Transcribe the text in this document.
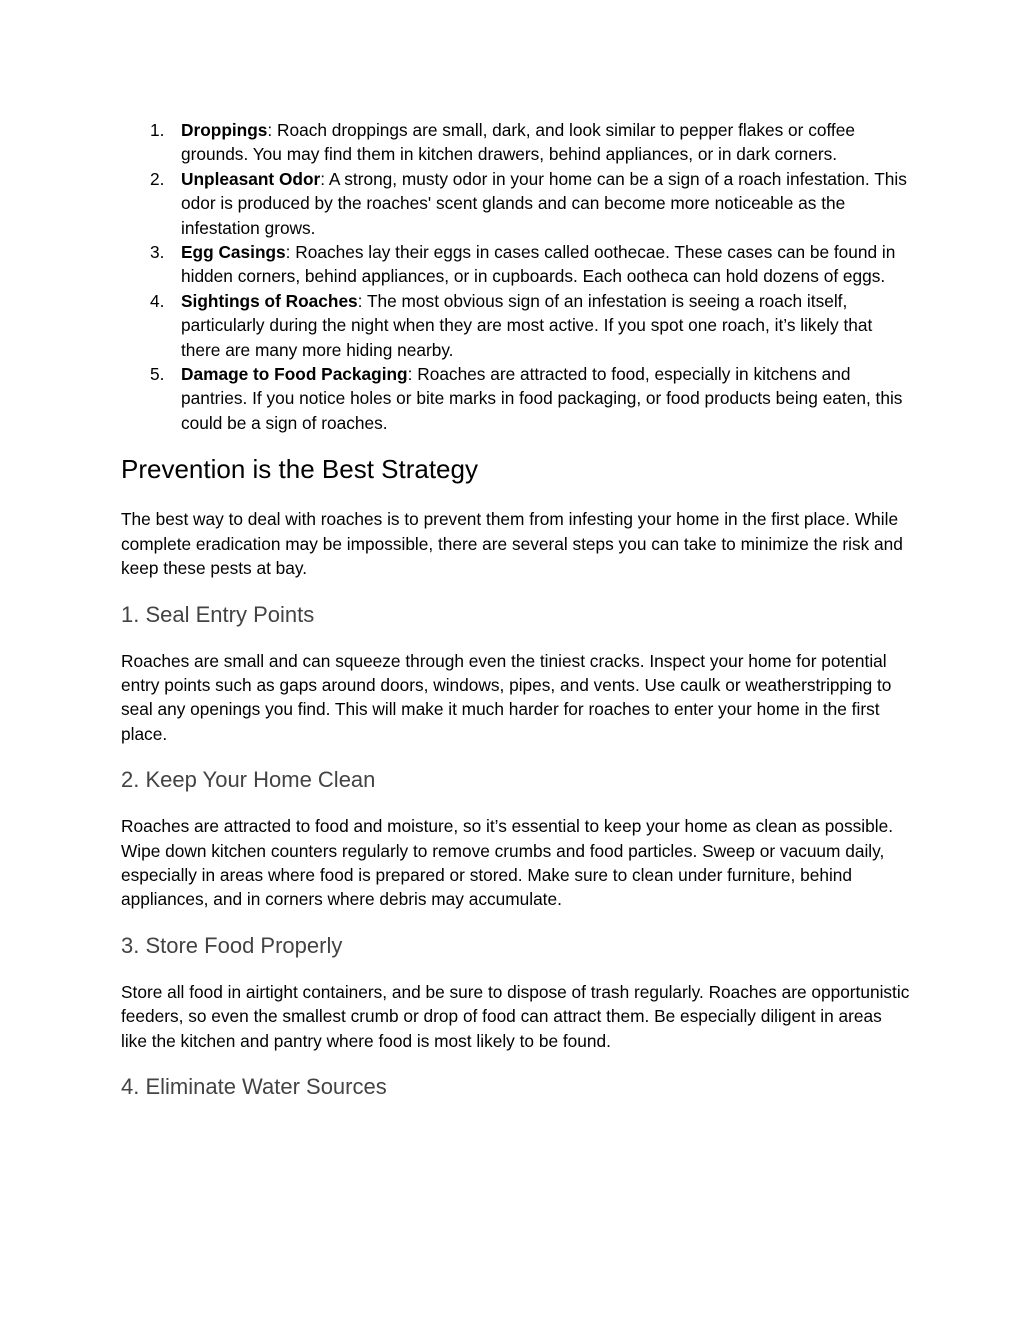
1. Droppings: Roach droppings are small, dark, and look similar to pepper flakes or coffee grounds. You may find them in kitchen drawers, behind appliances, or in dark corners.
2. Unpleasant Odor: A strong, musty odor in your home can be a sign of a roach infestation. This odor is produced by the roaches' scent glands and can become more noticeable as the infestation grows.
3. Egg Casings: Roaches lay their eggs in cases called oothecae. These cases can be found in hidden corners, behind appliances, or in cupboards. Each ootheca can hold dozens of eggs.
4. Sightings of Roaches: The most obvious sign of an infestation is seeing a roach itself, particularly during the night when they are most active. If you spot one roach, it’s likely that there are many more hiding nearby.
5. Damage to Food Packaging: Roaches are attracted to food, especially in kitchens and pantries. If you notice holes or bite marks in food packaging, or food products being eaten, this could be a sign of roaches.
Prevention is the Best Strategy

The best way to deal with roaches is to prevent them from infesting your home in the first place. While complete eradication may be impossible, there are several steps you can take to minimize the risk and keep these pests at bay.

1. Seal Entry Points

Roaches are small and can squeeze through even the tiniest cracks. Inspect your home for potential entry points such as gaps around doors, windows, pipes, and vents. Use caulk or weatherstripping to seal any openings you find. This will make it much harder for roaches to enter your home in the first place.

2. Keep Your Home Clean

Roaches are attracted to food and moisture, so it’s essential to keep your home as clean as possible. Wipe down kitchen counters regularly to remove crumbs and food particles. Sweep or vacuum daily, especially in areas where food is prepared or stored. Make sure to clean under furniture, behind appliances, and in corners where debris may accumulate.

3. Store Food Properly

Store all food in airtight containers, and be sure to dispose of trash regularly. Roaches are opportunistic feeders, so even the smallest crumb or drop of food can attract them. Be especially diligent in areas like the kitchen and pantry where food is most likely to be found.

4. Eliminate Water Sources
